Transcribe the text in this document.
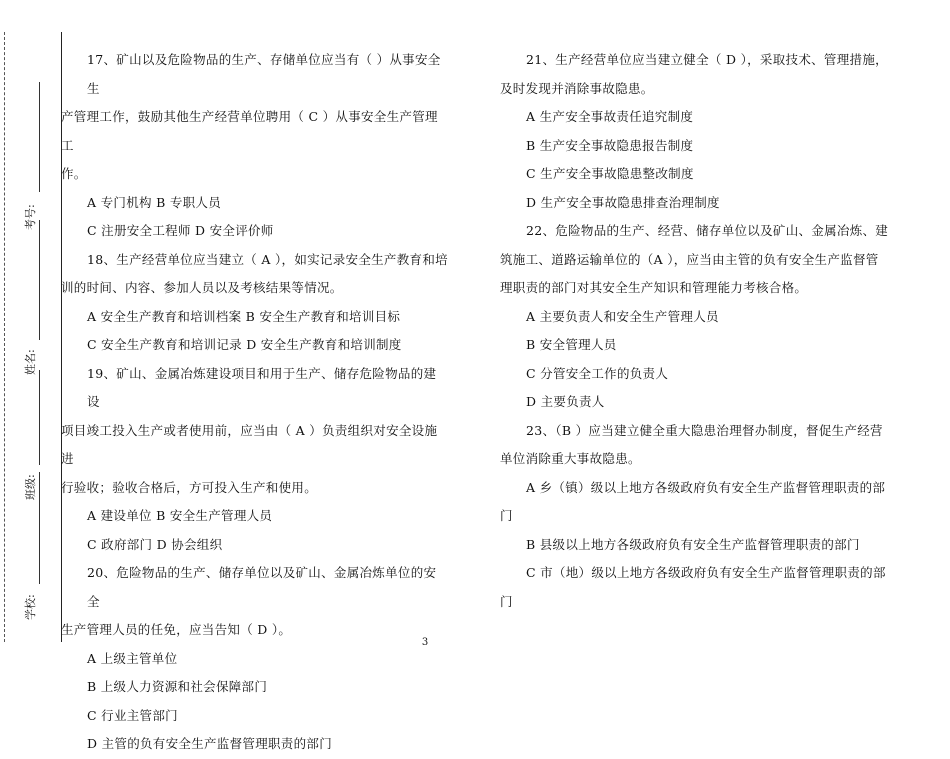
考号:
姓名:
班级:
学校:

17、矿山以及危险物品的生产、存储单位应当有（ ）从事安全生

产管理工作，鼓励其他生产经营单位聘用（ C ）从事安全生产管理工

作。

A 专门机构 B 专职人员

C 注册安全工程师 D 安全评价师

18、生产经营单位应当建立（ A ），如实记录安全生产教育和培

训的时间、内容、参加人员以及考核结果等情况。

A 安全生产教育和培训档案 B 安全生产教育和培训目标

C 安全生产教育和培训记录 D 安全生产教育和培训制度

19、矿山、金属冶炼建设项目和用于生产、储存危险物品的建设

项目竣工投入生产或者使用前，应当由（ A ）负责组织对安全设施进

行验收；验收合格后，方可投入生产和使用。

A 建设单位 B 安全生产管理人员

C 政府部门 D 协会组织

20、危险物品的生产、储存单位以及矿山、金属冶炼单位的安全

生产管理人员的任免，应当告知（ D ）。

A 上级主管单位

B 上级人力资源和社会保障部门

C 行业主管部门

D 主管的负有安全生产监督管理职责的部门

21、生产经营单位应当建立健全（ D ），采取技术、管理措施，

及时发现并消除事故隐患。

A 生产安全事故责任追究制度

B 生产安全事故隐患报告制度

C 生产安全事故隐患整改制度

D 生产安全事故隐患排查治理制度

22、危险物品的生产、经营、储存单位以及矿山、金属冶炼、建

筑施工、道路运输单位的（A ），应当由主管的负有安全生产监督管

理职责的部门对其安全生产知识和管理能力考核合格。

A 主要负责人和安全生产管理人员

B 安全管理人员

C 分管安全工作的负责人

D 主要负责人

23、（B ）应当建立健全重大隐患治理督办制度，督促生产经营

单位消除重大事故隐患。

A 乡（镇）级以上地方各级政府负有安全生产监督管理职责的部

门

B 县级以上地方各级政府负有安全生产监督管理职责的部门

C 市（地）级以上地方各级政府负有安全生产监督管理职责的部

门

3
